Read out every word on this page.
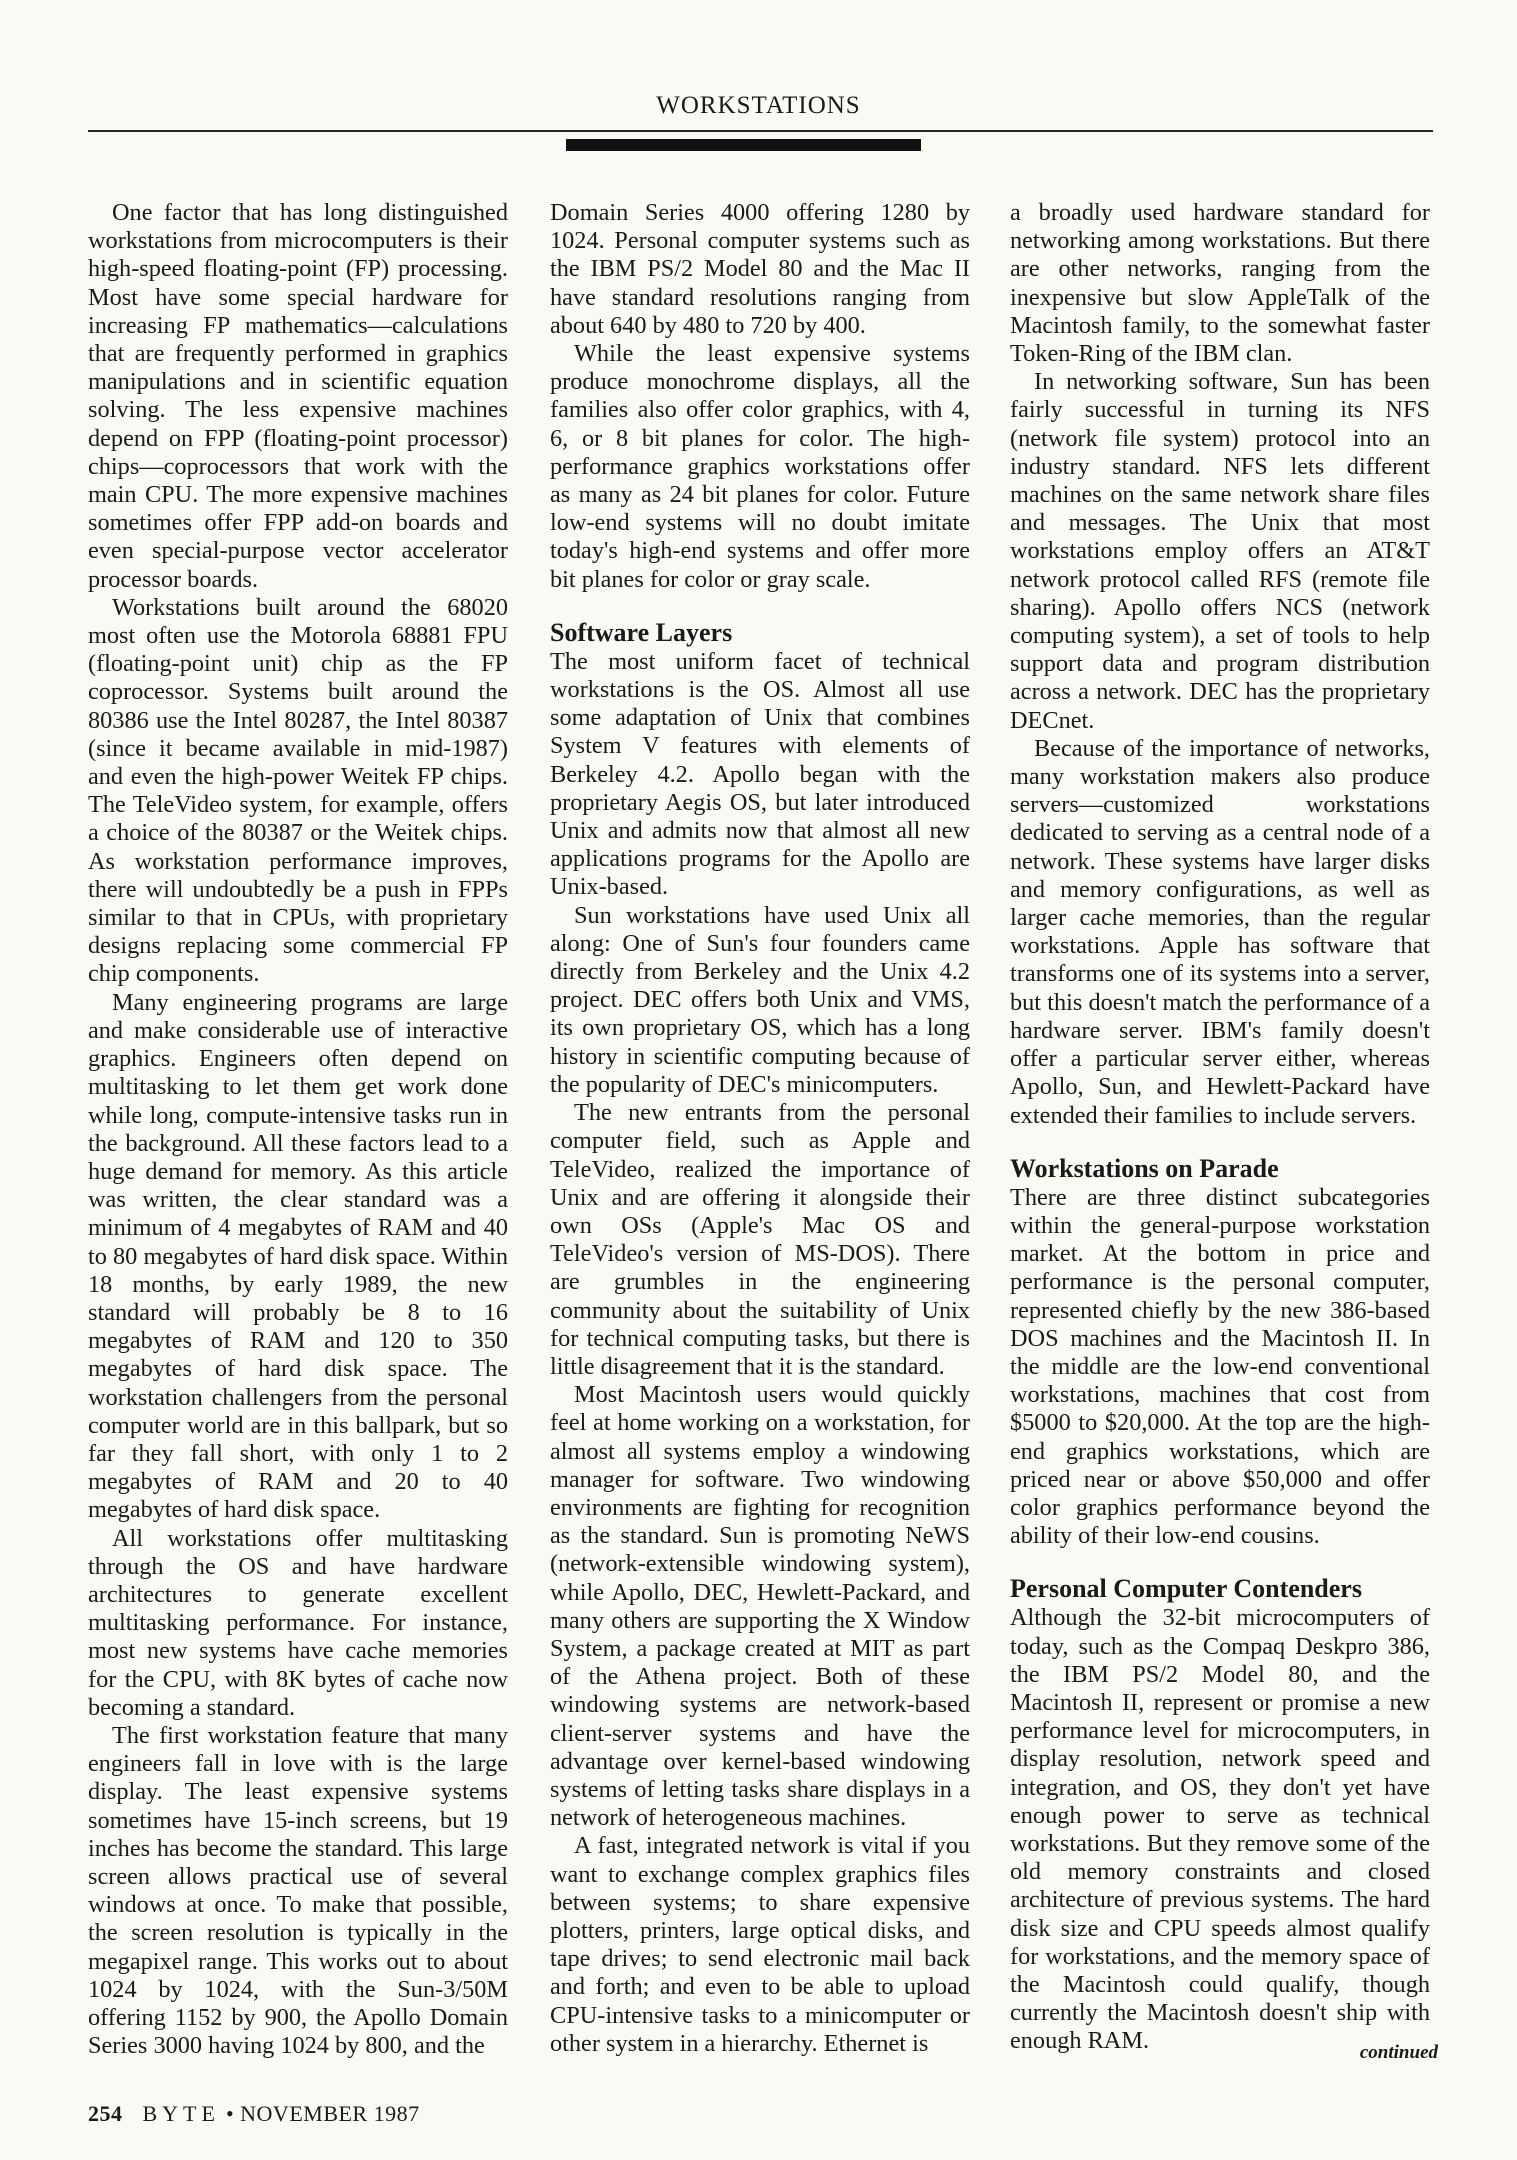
WORKSTATIONS

One factor that has long distinguished workstations from microcomputers is their high-speed floating-point (FP) processing. Most have some special hardware for increasing FP mathematics—calculations that are frequently performed in graphics manipulations and in scientific equation solving. The less expensive machines depend on FPP (floating-point processor) chips—coprocessors that work with the main CPU. The more expensive machines sometimes offer FPP add-on boards and even special-purpose vector accelerator processor boards.

Workstations built around the 68020 most often use the Motorola 68881 FPU (floating-point unit) chip as the FP coprocessor. Systems built around the 80386 use the Intel 80287, the Intel 80387 (since it became available in mid-1987) and even the high-power Weitek FP chips. The TeleVideo system, for example, offers a choice of the 80387 or the Weitek chips. As workstation performance improves, there will undoubtedly be a push in FPPs similar to that in CPUs, with proprietary designs replacing some commercial FP chip components.

Many engineering programs are large and make considerable use of interactive graphics. Engineers often depend on multitasking to let them get work done while long, compute-intensive tasks run in the background. All these factors lead to a huge demand for memory. As this article was written, the clear standard was a minimum of 4 megabytes of RAM and 40 to 80 megabytes of hard disk space. Within 18 months, by early 1989, the new standard will probably be 8 to 16 megabytes of RAM and 120 to 350 megabytes of hard disk space. The workstation challengers from the personal computer world are in this ballpark, but so far they fall short, with only 1 to 2 megabytes of RAM and 20 to 40 megabytes of hard disk space.

All workstations offer multitasking through the OS and have hardware architectures to generate excellent multitasking performance. For instance, most new systems have cache memories for the CPU, with 8K bytes of cache now becoming a standard.

The first workstation feature that many engineers fall in love with is the large display. The least expensive systems sometimes have 15-inch screens, but 19 inches has become the standard. This large screen allows practical use of several windows at once. To make that possible, the screen resolution is typically in the megapixel range. This works out to about 1024 by 1024, with the Sun-3/50M offering 1152 by 900, the Apollo Domain Series 3000 having 1024 by 800, and the

Domain Series 4000 offering 1280 by 1024. Personal computer systems such as the IBM PS/2 Model 80 and the Mac II have standard resolutions ranging from about 640 by 480 to 720 by 400.

While the least expensive systems produce monochrome displays, all the families also offer color graphics, with 4, 6, or 8 bit planes for color. The high-performance graphics workstations offer as many as 24 bit planes for color. Future low-end systems will no doubt imitate today's high-end systems and offer more bit planes for color or gray scale.

Software Layers

The most uniform facet of technical workstations is the OS. Almost all use some adaptation of Unix that combines System V features with elements of Berkeley 4.2. Apollo began with the proprietary Aegis OS, but later introduced Unix and admits now that almost all new applications programs for the Apollo are Unix-based.

Sun workstations have used Unix all along: One of Sun's four founders came directly from Berkeley and the Unix 4.2 project. DEC offers both Unix and VMS, its own proprietary OS, which has a long history in scientific computing because of the popularity of DEC's minicomputers.

The new entrants from the personal computer field, such as Apple and TeleVideo, realized the importance of Unix and are offering it alongside their own OSs (Apple's Mac OS and TeleVideo's version of MS-DOS). There are grumbles in the engineering community about the suitability of Unix for technical computing tasks, but there is little disagreement that it is the standard.

Most Macintosh users would quickly feel at home working on a workstation, for almost all systems employ a windowing manager for software. Two windowing environments are fighting for recognition as the standard. Sun is promoting NeWS (network-extensible windowing system), while Apollo, DEC, Hewlett-Packard, and many others are supporting the X Window System, a package created at MIT as part of the Athena project. Both of these windowing systems are network-based client-server systems and have the advantage over kernel-based windowing systems of letting tasks share displays in a network of heterogeneous machines.

A fast, integrated network is vital if you want to exchange complex graphics files between systems; to share expensive plotters, printers, large optical disks, and tape drives; to send electronic mail back and forth; and even to be able to upload CPU-intensive tasks to a minicomputer or other system in a hierarchy. Ethernet is

a broadly used hardware standard for networking among workstations. But there are other networks, ranging from the inexpensive but slow AppleTalk of the Macintosh family, to the somewhat faster Token-Ring of the IBM clan.

In networking software, Sun has been fairly successful in turning its NFS (network file system) protocol into an industry standard. NFS lets different machines on the same network share files and messages. The Unix that most workstations employ offers an AT&T network protocol called RFS (remote file sharing). Apollo offers NCS (network computing system), a set of tools to help support data and program distribution across a network. DEC has the proprietary DECnet.

Because of the importance of networks, many workstation makers also produce servers—customized workstations dedicated to serving as a central node of a network. These systems have larger disks and memory configurations, as well as larger cache memories, than the regular workstations. Apple has software that transforms one of its systems into a server, but this doesn't match the performance of a hardware server. IBM's family doesn't offer a particular server either, whereas Apollo, Sun, and Hewlett-Packard have extended their families to include servers.

Workstations on Parade

There are three distinct subcategories within the general-purpose workstation market. At the bottom in price and performance is the personal computer, represented chiefly by the new 386-based DOS machines and the Macintosh II. In the middle are the low-end conventional workstations, machines that cost from $5000 to $20,000. At the top are the high-end graphics workstations, which are priced near or above $50,000 and offer color graphics performance beyond the ability of their low-end cousins.

Personal Computer Contenders

Although the 32-bit microcomputers of today, such as the Compaq Deskpro 386, the IBM PS/2 Model 80, and the Macintosh II, represent or promise a new performance level for microcomputers, in display resolution, network speed and integration, and OS, they don't yet have enough power to serve as technical workstations. But they remove some of the old memory constraints and closed architecture of previous systems. The hard disk size and CPU speeds almost qualify for workstations, and the memory space of the Macintosh could qualify, though currently the Macintosh doesn't ship with enough RAM.	continued
254 BYTE • NOVEMBER 1987
